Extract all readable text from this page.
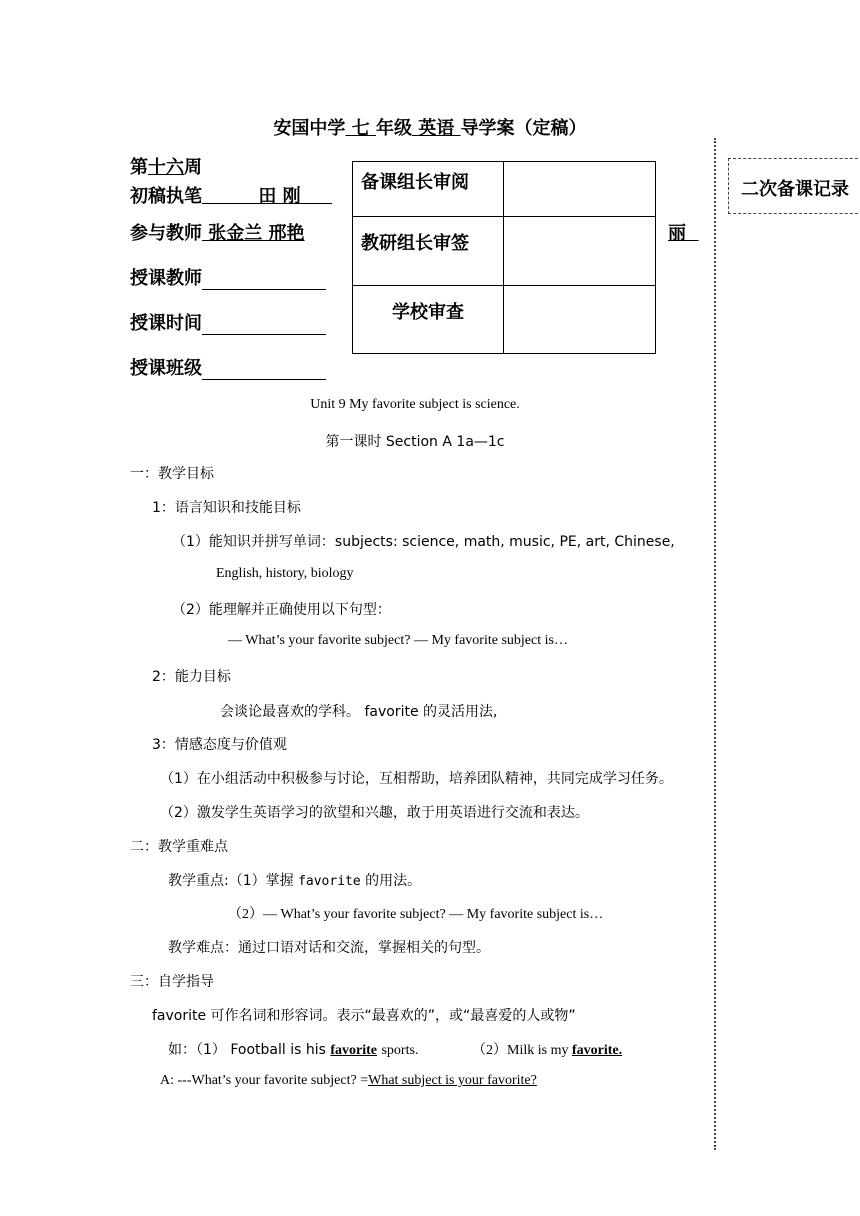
安国中学 七 年级 英语 导学案（定稿）
第十六周
初稿执笔	田 刚
参与教师 张金兰 邢艳	丽
授课教师
授课时间
授课班级
备课组长审阅	
教研组长审签	
学校审查	
二次备课记录
Unit 9 My favorite subject is science.
第一课时 Section A 1a—1c
一：教学目标
1：语言知识和技能目标
（1）能知识并拼写单词：subjects: science, math, music, PE, art, Chinese,
English, history, biology
（2）能理解并正确使用以下句型：
— What’s your favorite subject? — My favorite subject is…
2：能力目标
会谈论最喜欢的学科。 favorite 的灵活用法,
3：情感态度与价值观
（1）在小组活动中积极参与讨论，互相帮助，培养团队精神，共同完成学习任务。
（2）激发学生英语学习的欲望和兴趣，敢于用英语进行交流和表达。
二：教学重难点
教学重点:（1）掌握 favorite 的用法。
（2）— What’s your favorite subject? — My favorite subject is…
教学难点：通过口语对话和交流，掌握相关的句型。
三：自学指导
favorite 可作名词和形容词。表示“最喜欢的”，或“最喜爱的人或物”
如：（1） Football is his favorite sports.	（2）Milk is my favorite.
A: ---What’s your favorite subject? =What subject is your favorite?
